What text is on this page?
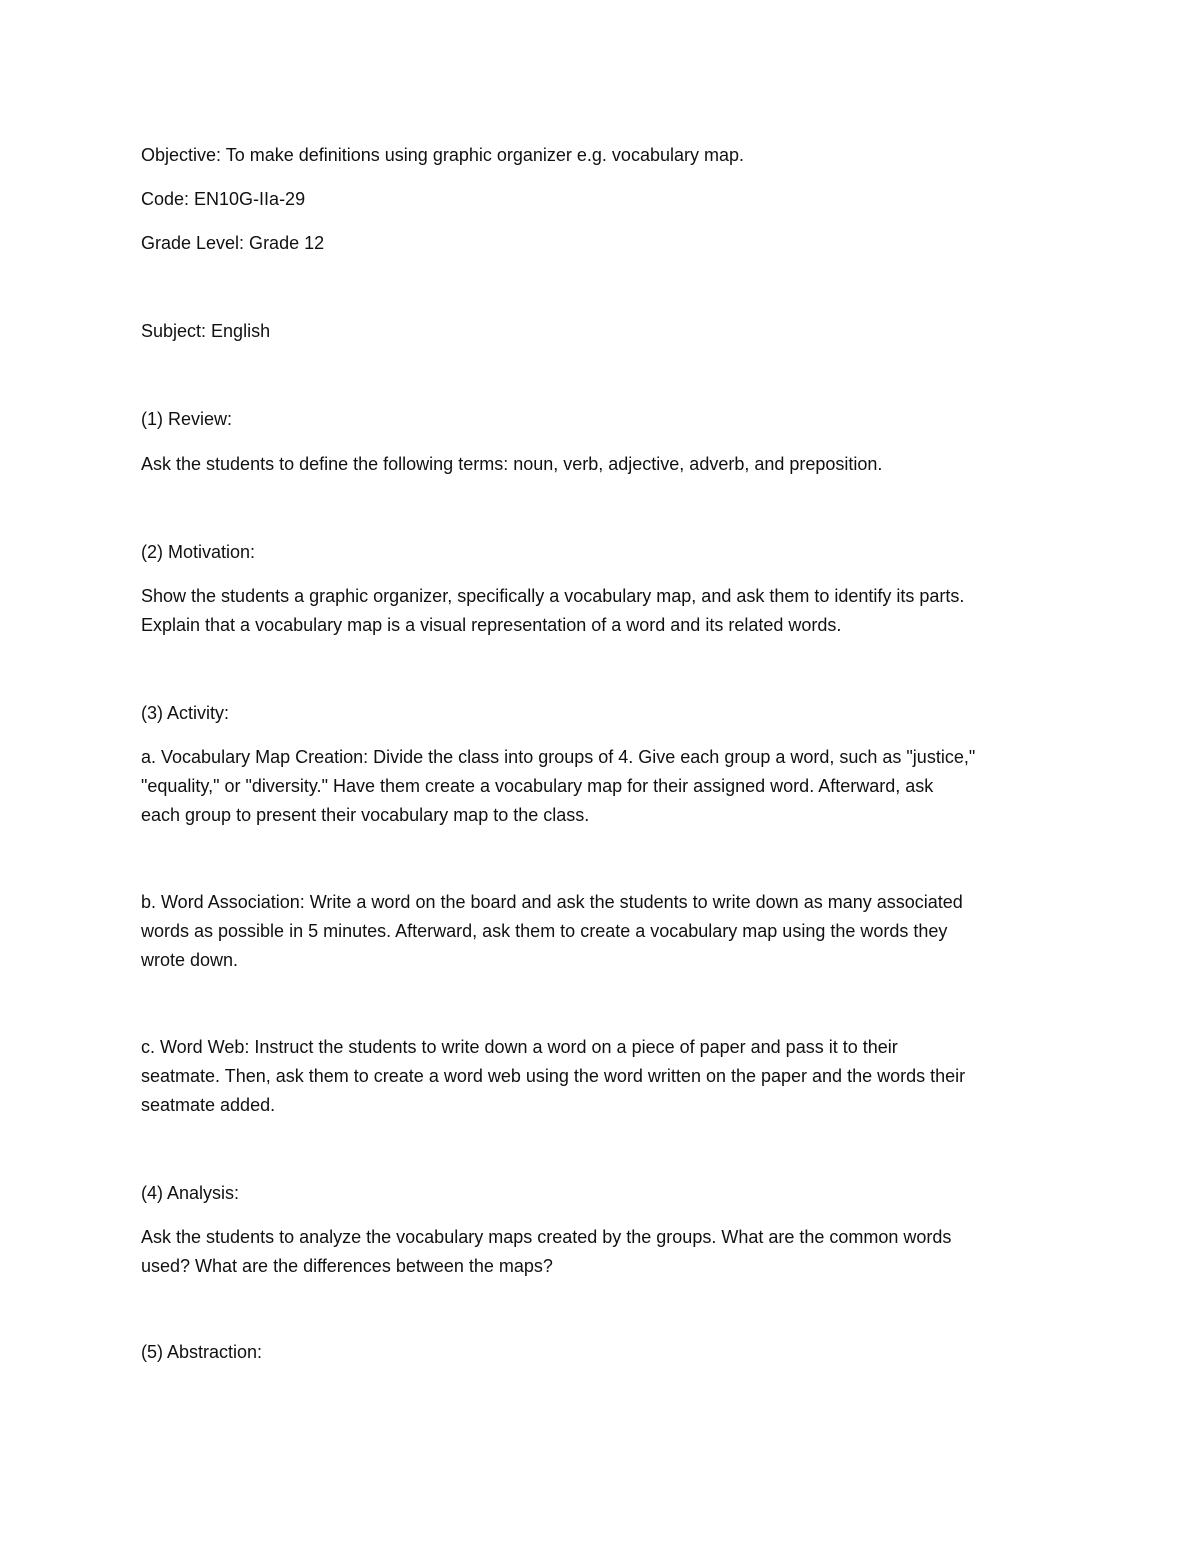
Objective: To make definitions using graphic organizer e.g. vocabulary map.
Code: EN10G-IIa-29
Grade Level: Grade 12
Subject: English
(1) Review:
Ask the students to define the following terms: noun, verb, adjective, adverb, and preposition.
(2) Motivation:
Show the students a graphic organizer, specifically a vocabulary map, and ask them to identify its parts.
Explain that a vocabulary map is a visual representation of a word and its related words.
(3) Activity:
a. Vocabulary Map Creation: Divide the class into groups of 4. Give each group a word, such as "justice,"
"equality," or "diversity." Have them create a vocabulary map for their assigned word. Afterward, ask
each group to present their vocabulary map to the class.
b. Word Association: Write a word on the board and ask the students to write down as many associated
words as possible in 5 minutes. Afterward, ask them to create a vocabulary map using the words they
wrote down.
c. Word Web: Instruct the students to write down a word on a piece of paper and pass it to their
seatmate. Then, ask them to create a word web using the word written on the paper and the words their
seatmate added.
(4) Analysis:
Ask the students to analyze the vocabulary maps created by the groups. What are the common words
used? What are the differences between the maps?
(5) Abstraction:
